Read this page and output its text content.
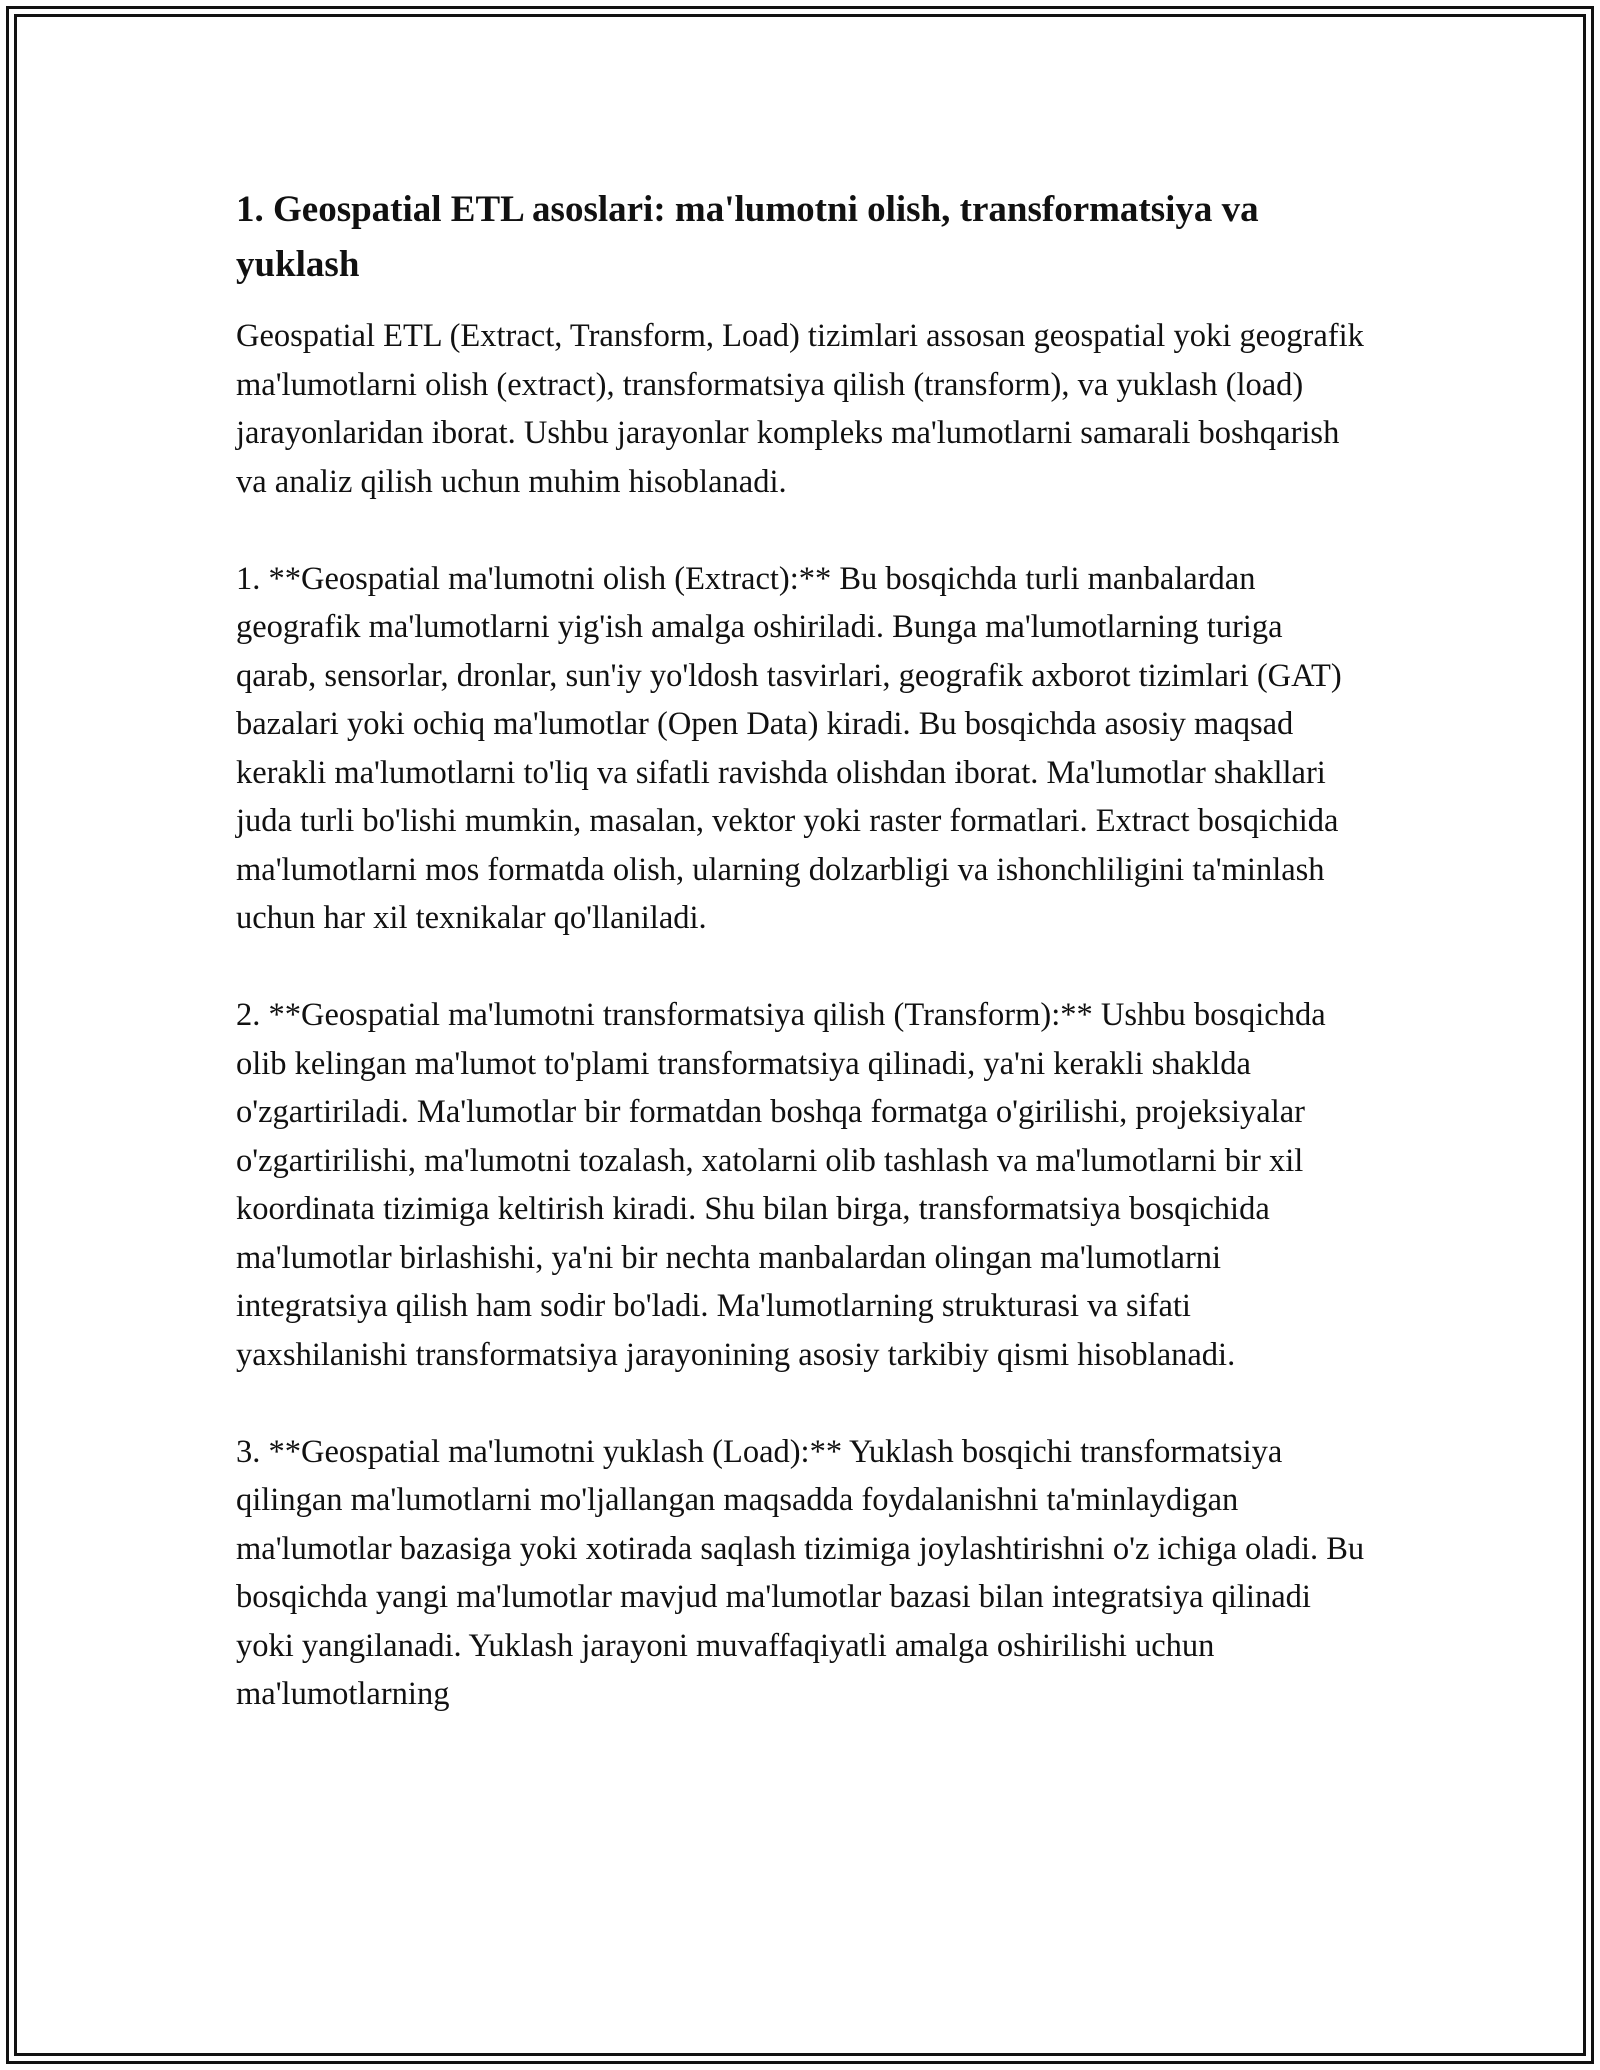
1. Geospatial ETL asoslari: ma'lumotni olish, transformatsiya va yuklash

Geospatial ETL (Extract, Transform, Load) tizimlari assosan geospatial yoki geografik ma'lumotlarni olish (extract), transformatsiya qilish (transform), va yuklash (load) jarayonlaridan iborat. Ushbu jarayonlar kompleks ma'lumotlarni samarali boshqarish va analiz qilish uchun muhim hisoblanadi.

1. **Geospatial ma'lumotni olish (Extract):** Bu bosqichda turli manbalardan geografik ma'lumotlarni yig'ish amalga oshiriladi. Bunga ma'lumotlarning turiga qarab, sensorlar, dronlar, sun'iy yo'ldosh tasvirlari, geografik axborot tizimlari (GAT) bazalari yoki ochiq ma'lumotlar (Open Data) kiradi. Bu bosqichda asosiy maqsad kerakli ma'lumotlarni to'liq va sifatli ravishda olishdan iborat. Ma'lumotlar shakllari juda turli bo'lishi mumkin, masalan, vektor yoki raster formatlari. Extract bosqichida ma'lumotlarni mos formatda olish, ularning dolzarbligi va ishonchliligini ta'minlash uchun har xil texnikalar qo'llaniladi.

2. **Geospatial ma'lumotni transformatsiya qilish (Transform):** Ushbu bosqichda olib kelingan ma'lumot to'plami transformatsiya qilinadi, ya'ni kerakli shaklda o'zgartiriladi. Ma'lumotlar bir formatdan boshqa formatga o'girilishi, projeksiyalar o'zgartirilishi, ma'lumotni tozalash, xatolarni olib tashlash va ma'lumotlarni bir xil koordinata tizimiga keltirish kiradi. Shu bilan birga, transformatsiya bosqichida ma'lumotlar birlashishi, ya'ni bir nechta manbalardan olingan ma'lumotlarni integratsiya qilish ham sodir bo'ladi. Ma'lumotlarning strukturasi va sifati yaxshilanishi transformatsiya jarayonining asosiy tarkibiy qismi hisoblanadi.

3. **Geospatial ma'lumotni yuklash (Load):** Yuklash bosqichi transformatsiya qilingan ma'lumotlarni mo'ljallangan maqsadda foydalanishni ta'minlaydigan ma'lumotlar bazasiga yoki xotirada saqlash tizimiga joylashtirishni o'z ichiga oladi. Bu bosqichda yangi ma'lumotlar mavjud ma'lumotlar bazasi bilan integratsiya qilinadi yoki yangilanadi. Yuklash jarayoni muvaffaqiyatli amalga oshirilishi uchun ma'lumotlarning
